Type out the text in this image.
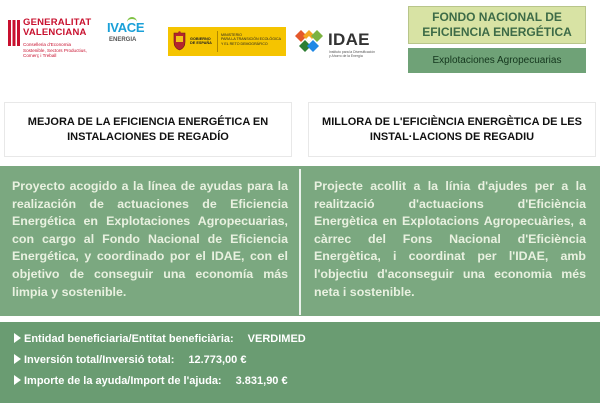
GENERALITAT
VALENCIANA
Conselleria d'Economia
Sostenible, Sectors Productius,
Comerç i Treball
IVACE
ENERGIA	GOBIERNO
DE ESPAÑA
MINISTERIO
PARA LA TRANSICIÓN ECOLÓGICA
Y EL RETO DEMOGRÁFICO	IDAE
Instituto para la Diversificación
y Ahorro de la Energía
FONDO NACIONAL DE
EFICIENCIA ENERGÉTICA
Explotaciones Agropecuarias
MEJORA DE LA EFICIENCIA ENERGÉTICA EN
INSTALACIONES DE REGADÍO
MILLORA DE L'EFICIÈNCIA ENERGÈTICA DE LES
INSTAL·LACIONS DE REGADIU

Proyecto acogido a la línea de ayudas para la realización de actuaciones de Eficiencia Energética en Explotaciones Agropecuarias, con cargo al Fondo Nacional de Eficiencia Energética, y coordinado por el IDAE, con el objetivo de conseguir una economía más limpia y sostenible.

Projecte acollit a la línia d'ajudes per a la realització d'actuacions d'Eficiència Energètica en Explotacions Agropecuàries, a càrrec del Fons Nacional d'Eficiència Energètica, i coordinat per l'IDAE, amb l'objectiu d'aconseguir una economia més neta i sostenible.

Entidad beneficiaria/Entitat beneficiària: VERDIMED
Inversión total/Inversió total: 12.773,00 €
Importe de la ayuda/Import de l'ajuda: 3.831,90 €
